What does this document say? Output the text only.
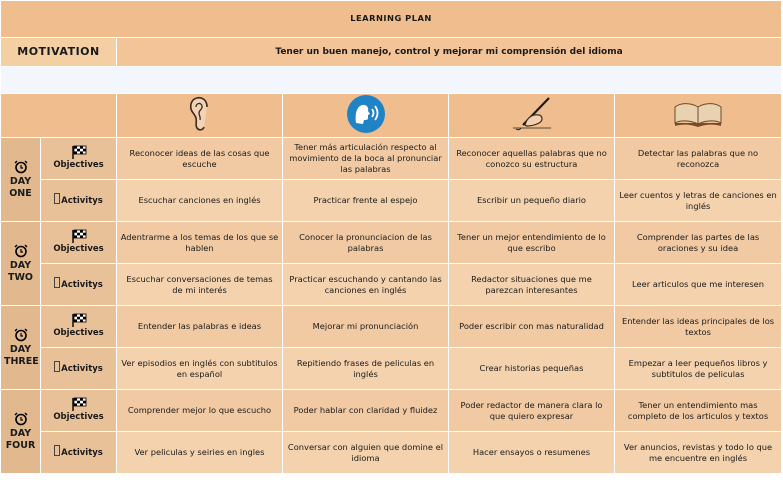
LEARNING PLAN					
MOTIVATION		Tener un buen manejo, control y mejorar mi comprensión del idioma			

DAY
ONE	Objectives	Reconocer ideas de las cosas que escuche	Tener más articulación respecto al movimiento de la boca al pronunciar las palabras	Reconocer aquellas palabras que no conozco su estructura	Detectar las palabras que no reconozca
	Activitys	Escuchar canciones en inglés	Practicar frente al espejo	Escribir un pequeño diario	Leer cuentos y letras de canciones en inglés

DAY
TWO	Objectives	Adentrarme a los temas de los que se hablen	Conocer la pronunciacion de las palabras	Tener un mejor entendimiento de lo que escribo	Comprender las partes de las oraciones y su idea
	Activitys	Escuchar conversaciones de temas de mi interés	Practicar escuchando y cantando las canciones en inglés	Redactor situaciones que me parezcan interesantes	Leer articulos que me interesen

DAY
THREE	Objectives	Entender las palabras e ideas	Mejorar mi pronunciación	Poder escribir con mas naturalidad	Entender las ideas principales de los textos
	Activitys	Ver episodios en inglés con subtitulos en español	Repitiendo frases de peliculas en inglés	Crear historias pequeñas	Empezar a leer pequeños libros y subtitulos de peliculas

DAY
FOUR	Objectives	Comprender mejor lo que escucho	Poder hablar con claridad y fluidez	Poder redactor de manera clara lo que quiero expresar	Tener un entendimiento mas completo de los articulos y textos
	Activitys	Ver peliculas y seiries en ingles	Conversar con alguien que domine el idioma	Hacer ensayos o resumenes	Ver anuncios, revistas y todo lo que me encuentre en inglés
